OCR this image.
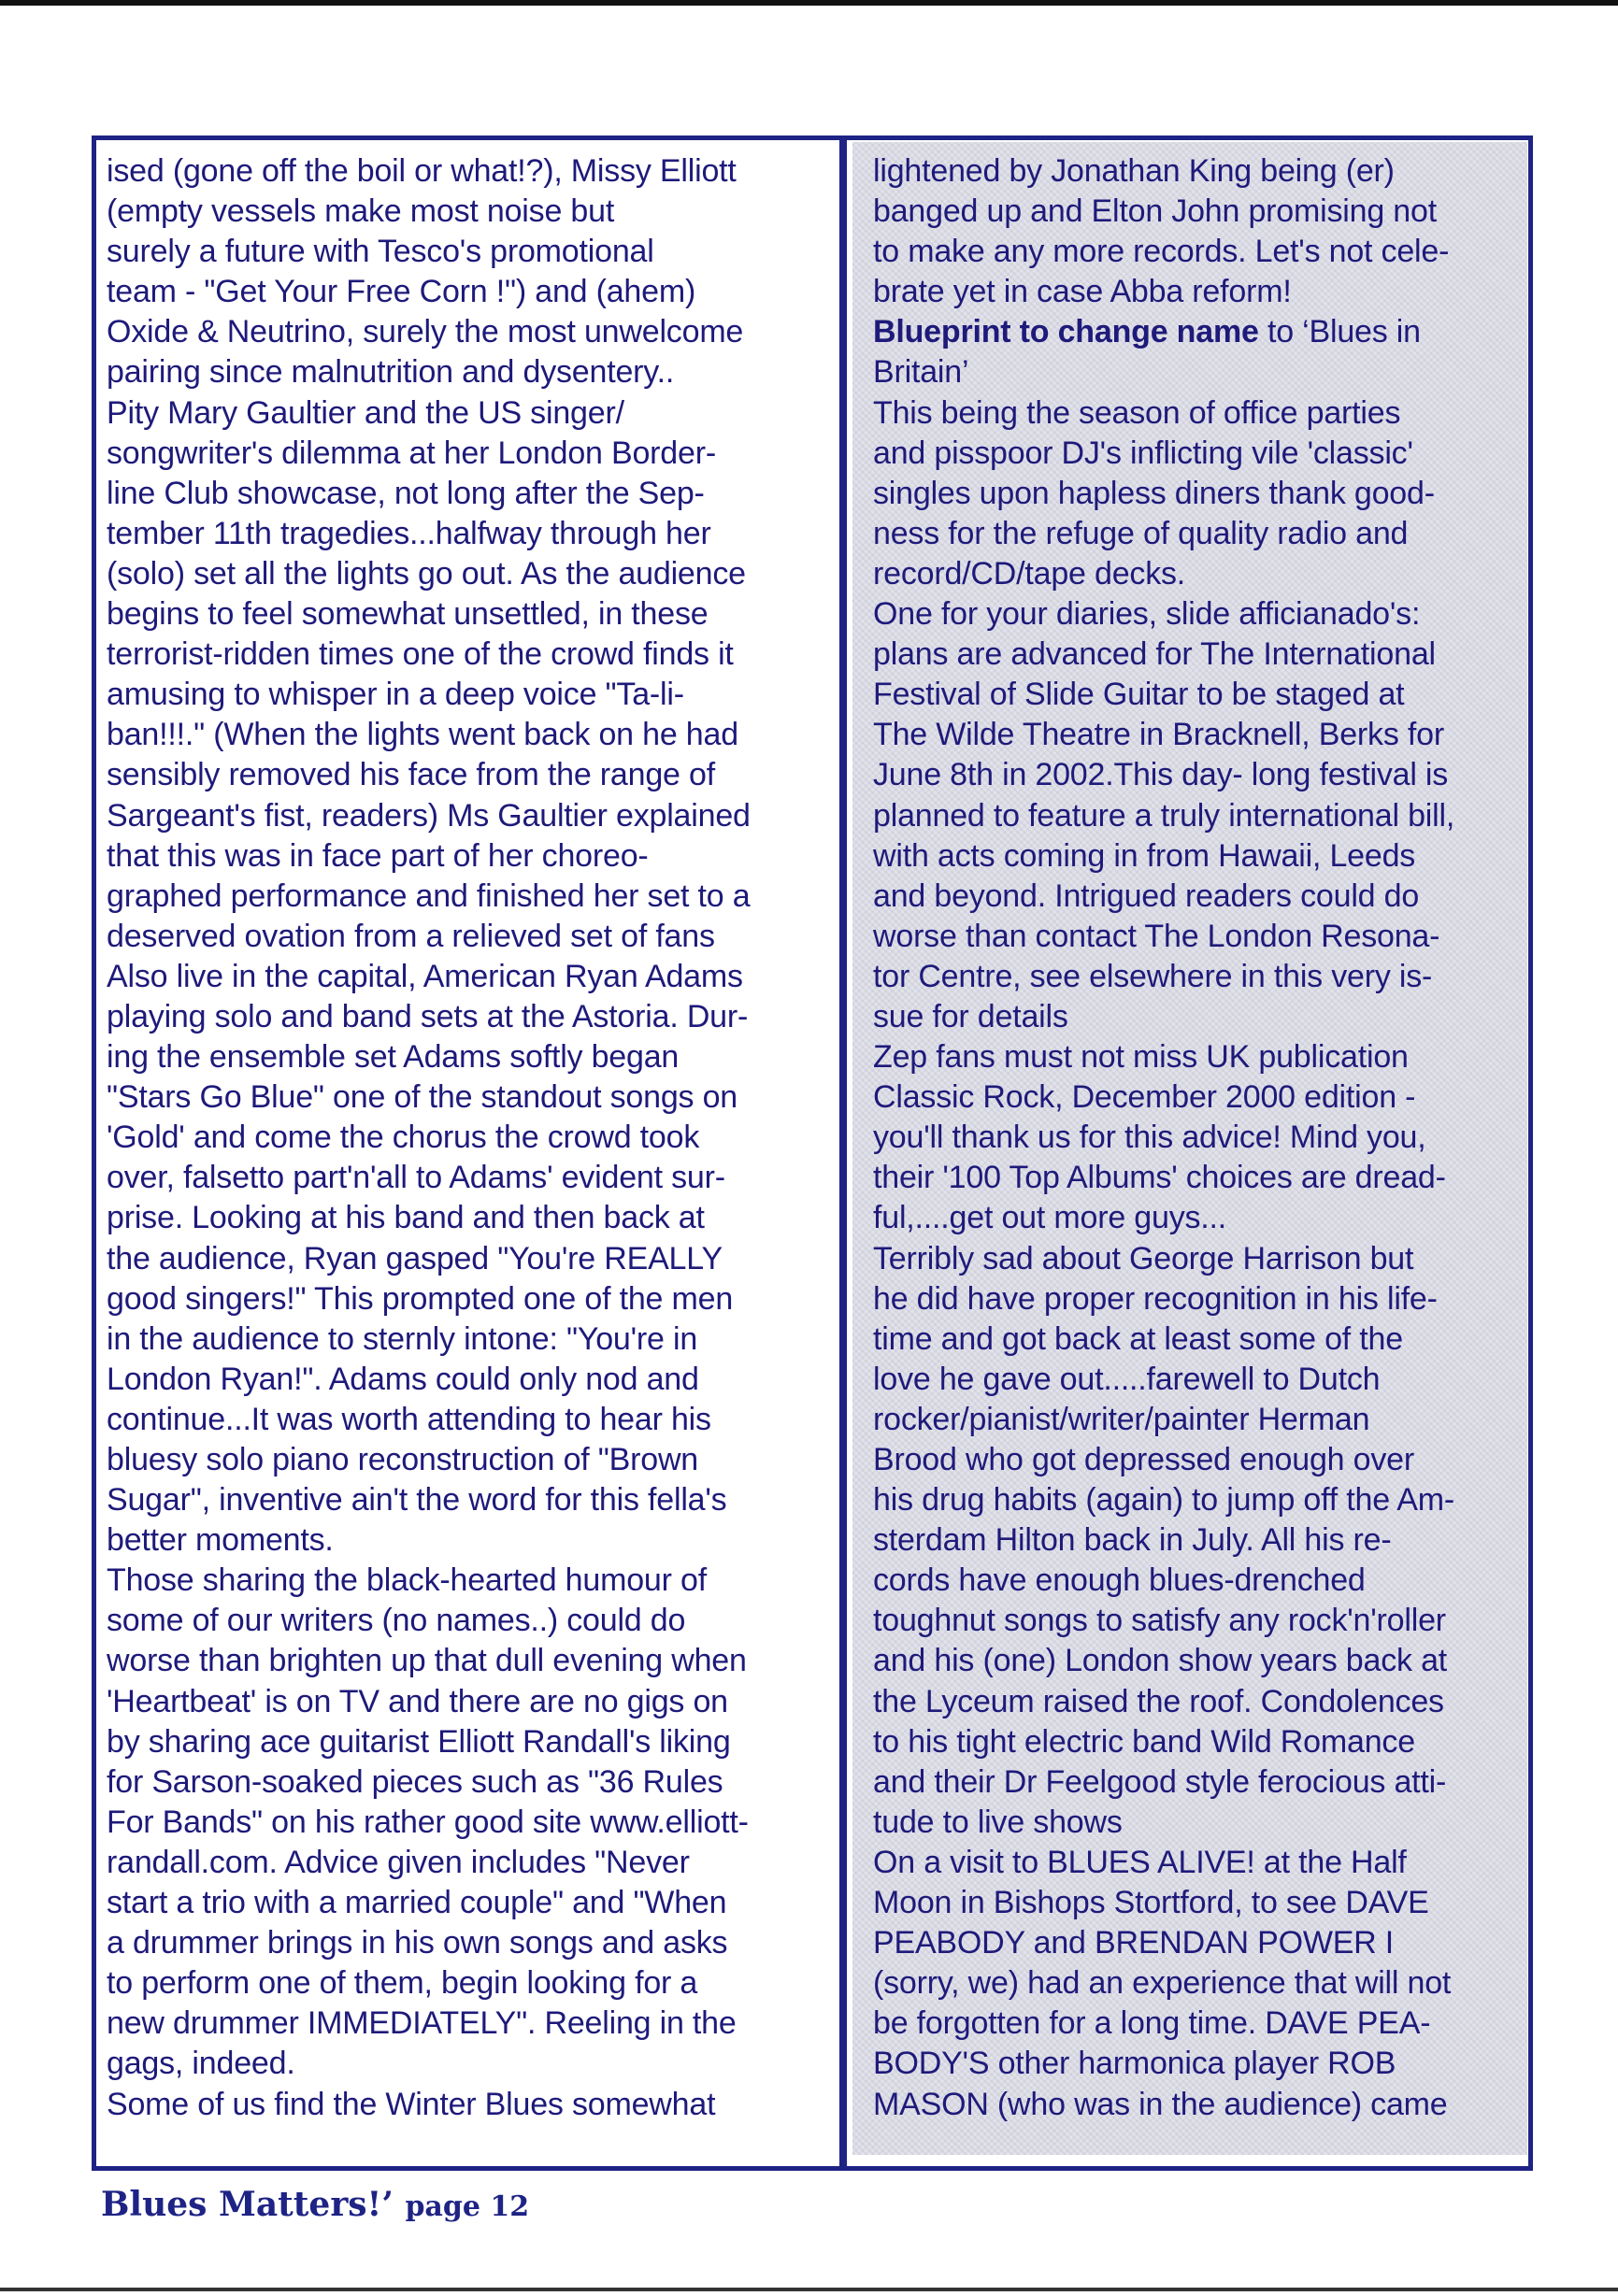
lightened by Jonathan King being (er)
banged up and Elton John promising not
to make any more records. Let's not cele-
brate yet in case Abba reform!
Blueprint to change name to ‘Blues in
Britain’
This being the season of office parties
and pisspoor DJ's inflicting vile 'classic'
singles upon hapless diners thank good-
ness for the refuge of quality radio and
record/CD/tape decks.
One for your diaries, slide afficianado's:
plans are advanced for The International
Festival of Slide Guitar to be staged at
The Wilde Theatre in Bracknell, Berks for
June 8th in 2002.This day- long festival is
planned to feature a truly international bill,
with acts coming in from Hawaii, Leeds
and beyond. Intrigued readers could do
worse than contact The London Resona-
tor Centre, see elsewhere in this very is-
sue for details
Zep fans must not miss UK publication
Classic Rock, December 2000 edition -
you'll thank us for this advice! Mind you,
their '100 Top Albums' choices are dread-
ful,....get out more guys...
Terribly sad about George Harrison but
he did have proper recognition in his life-
time and got back at least some of the
love he gave out.....farewell to Dutch
rocker/pianist/writer/painter Herman
Brood who got depressed enough over
his drug habits (again) to jump off the Am-
sterdam Hilton back in July. All his re-
cords have enough blues-drenched
toughnut songs to satisfy any rock'n'roller
and his (one) London show years back at
the Lyceum raised the roof. Condolences
to his tight electric band Wild Romance
and their Dr Feelgood style ferocious atti-
tude to live shows
On a visit to BLUES ALIVE! at the Half
Moon in Bishops Stortford, to see DAVE
PEABODY and BRENDAN POWER I
(sorry, we) had an experience that will not
be forgotten for a long time. DAVE PEA-
BODY'S other harmonica player ROB
MASON (who was in the audience) came
ised (gone off the boil or what!?), Missy Elliott
(empty vessels make most noise but
surely a future with Tesco's promotional
team - "Get Your Free Corn !") and (ahem)
Oxide & Neutrino, surely the most unwelcome
pairing since malnutrition and dysentery..
Pity Mary Gaultier and the US singer/
songwriter's dilemma at her London Border-
line Club showcase, not long after the Sep-
tember 11th tragedies...halfway through her
(solo) set all the lights go out. As the audience
begins to feel somewhat unsettled, in these
terrorist-ridden times one of the crowd finds it
amusing to whisper in a deep voice "Ta-li-
ban!!!." (When the lights went back on he had
sensibly removed his face from the range of
Sargeant's fist, readers) Ms Gaultier explained
that this was in face part of her choreo-
graphed performance and finished her set to a
deserved ovation from a relieved set of fans
Also live in the capital, American Ryan Adams
playing solo and band sets at the Astoria. Dur-
ing the ensemble set Adams softly began
"Stars Go Blue" one of the standout songs on
'Gold' and come the chorus the crowd took
over, falsetto part'n'all to Adams' evident sur-
prise. Looking at his band and then back at
the audience, Ryan gasped "You're REALLY
good singers!" This prompted one of the men
in the audience to sternly intone: "You're in
London Ryan!". Adams could only nod and
continue...It was worth attending to hear his
bluesy solo piano reconstruction of "Brown
Sugar", inventive ain't the word for this fella's
better moments.
Those sharing the black-hearted humour of
some of our writers (no names..) could do
worse than brighten up that dull evening when
'Heartbeat' is on TV and there are no gigs on
by sharing ace guitarist Elliott Randall's liking
for Sarson-soaked pieces such as "36 Rules
For Bands" on his rather good site www.elliott-
randall.com. Advice given includes "Never
start a trio with a married couple" and "When
a drummer brings in his own songs and asks
to perform one of them, begin looking for a
new drummer IMMEDIATELY". Reeling in the
gags, indeed.
Some of us find the Winter Blues somewhat
Blues Matters!’ page 12
